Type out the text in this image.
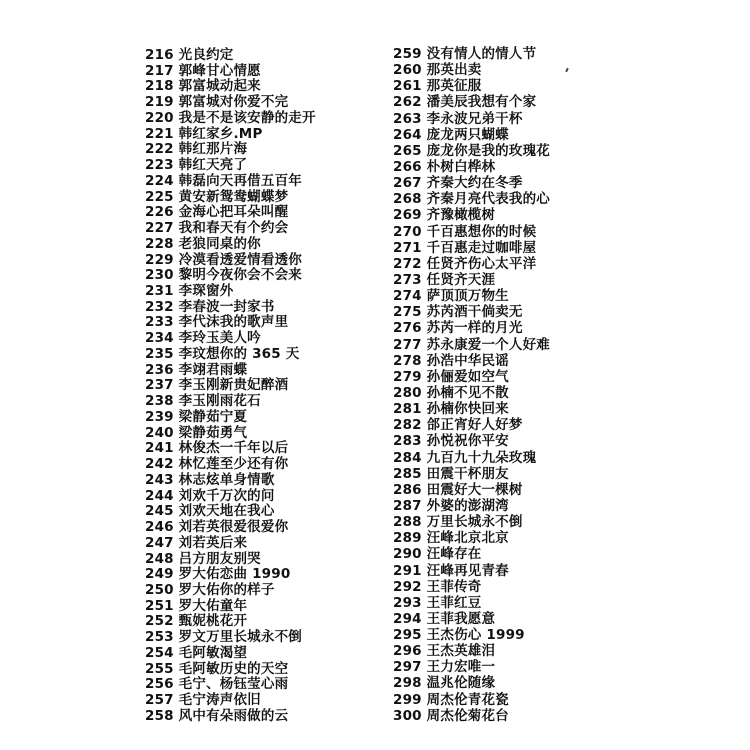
216 光良约定
217 郭峰甘心情愿
218 郭富城动起来
219 郭富城对你爱不完
220 我是不是该安静的走开
221 韩红家乡.MP
222 韩红那片海
223 韩红天亮了
224 韩磊向天再借五百年
225 黄安新鸳鸯蝴蝶梦
226 金海心把耳朵叫醒
227 我和春天有个约会
228 老狼同桌的你
229 冷漠看透爱情看透你
230 黎明今夜你会不会来
231 李琛窗外
232 李春波一封家书
233 李代沫我的歌声里
234 李玲玉美人吟
235 李玟想你的 365 天
236 李翊君雨蝶
237 李玉刚新贵妃醉酒
238 李玉刚雨花石
239 梁静茹宁夏
240 梁静茹勇气
241 林俊杰一千年以后
242 林忆莲至少还有你
243 林志炫单身情歌
244 刘欢千万次的问
245 刘欢天地在我心
246 刘若英很爱很爱你
247 刘若英后来
248 吕方朋友别哭
249 罗大佑恋曲 1990
250 罗大佑你的样子
251 罗大佑童年
252 甄妮桃花开
253 罗文万里长城永不倒
254 毛阿敏渴望
255 毛阿敏历史的天空
256 毛宁、杨钰莹心雨
257 毛宁涛声依旧
258 风中有朵雨做的云
259 没有情人的情人节
260 那英出卖
261 那英征服
262 潘美辰我想有个家
263 李永波兄弟干杯
264 庞龙两只蝴蝶
265 庞龙你是我的玫瑰花
266 朴树白桦林
267 齐秦大约在冬季
268 齐秦月亮代表我的心
269 齐豫橄榄树
270 千百惠想你的时候
271 千百惠走过咖啡屋
272 任贤齐伤心太平洋
273 任贤齐天涯
274 萨顶顶万物生
275 苏芮酒干倘卖无
276 苏芮一样的月光
277 苏永康爱一个人好难
278 孙浩中华民谣
279 孙俪爱如空气
280 孙楠不见不散
281 孙楠你快回来
282 郃正宵好人好梦
283 孙悦祝你平安
284 九百九十九朵玫瑰
285 田震干杯朋友
286 田震好大一棵树
287 外婆的澎湖湾
288 万里长城永不倒
289 汪峰北京北京
290 汪峰存在
291 汪峰再见青春
292 王菲传奇
293 王菲红豆
294 王菲我愿意
295 王杰伤心 1999
296 王杰英雄泪
297 王力宏唯一
298 温兆伦随缘
299 周杰伦青花瓷
300 周杰伦菊花台
